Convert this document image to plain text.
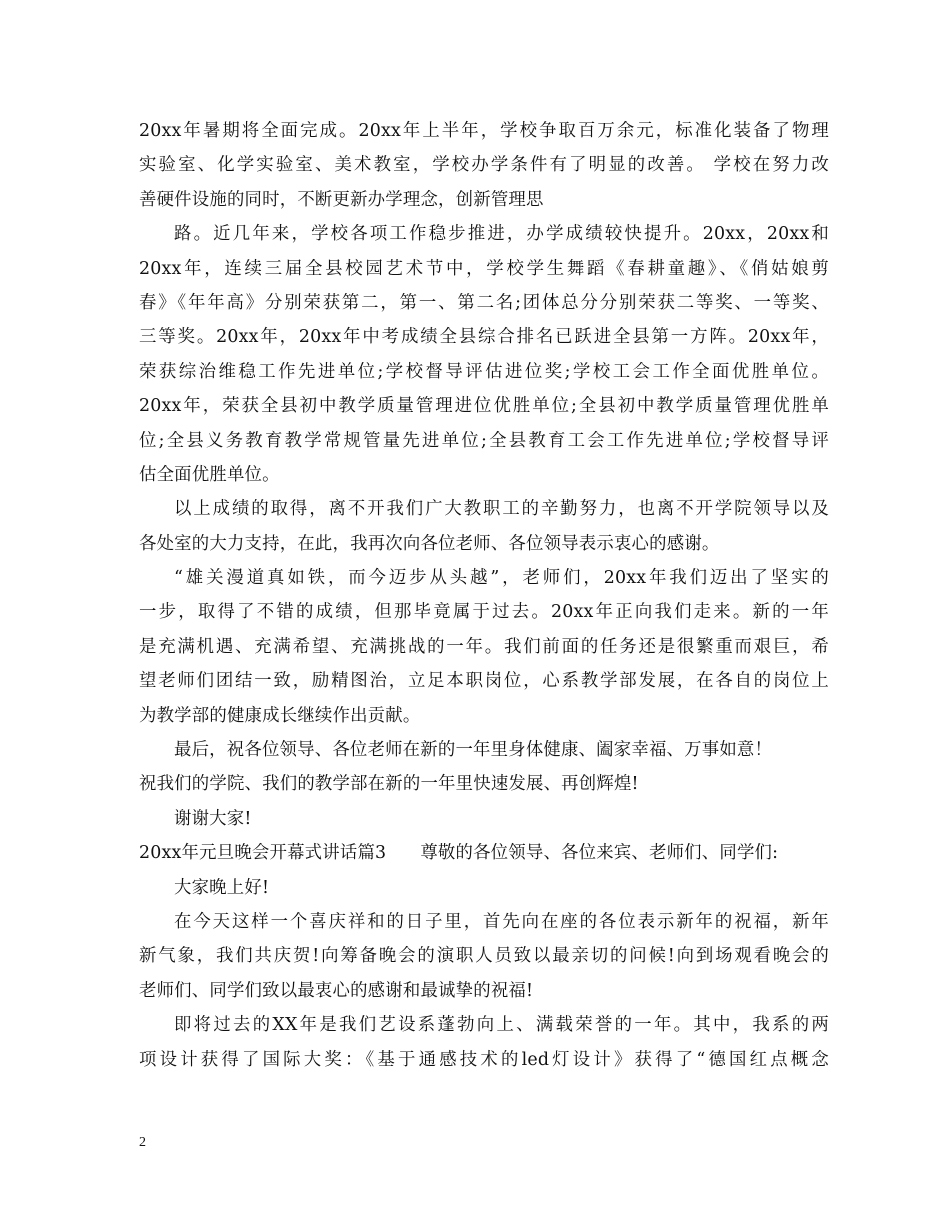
20xx年暑期将全面完成。20xx年上半年，学校争取百万余元，标准化装备了物理
实验室、化学实验室、美术教室，学校办学条件有了明显的改善。 学校在努力改
善硬件设施的同时，不断更新办学理念，创新管理思
路。近几年来，学校各项工作稳步推进，办学成绩较快提升。20xx，20xx和
20xx年，连续三届全县校园艺术节中，学校学生舞蹈《春耕童趣》、《俏姑娘剪
春》《年年高》分别荣获第二，第一、第二名;团体总分分别荣获二等奖、一等奖、
三等奖。20xx年，20xx年中考成绩全县综合排名已跃进全县第一方阵。20xx年，
荣获综治维稳工作先进单位;学校督导评估进位奖;学校工会工作全面优胜单位。
20xx年，荣获全县初中教学质量管理进位优胜单位;全县初中教学质量管理优胜单
位;全县义务教育教学常规管量先进单位;全县教育工会工作先进单位;学校督导评
估全面优胜单位。
以上成绩的取得，离不开我们广大教职工的辛勤努力，也离不开学院领导以及
各处室的大力支持，在此，我再次向各位老师、各位领导表示衷心的感谢。
“雄关漫道真如铁，而今迈步从头越”，老师们，20xx年我们迈出了坚实的
一步，取得了不错的成绩，但那毕竟属于过去。20xx年正向我们走来。新的一年
是充满机遇、充满希望、充满挑战的一年。我们前面的任务还是很繁重而艰巨，希
望老师们团结一致，励精图治，立足本职岗位，心系教学部发展，在各自的岗位上
为教学部的健康成长继续作出贡献。
最后，祝各位领导、各位老师在新的一年里身体健康、阖家幸福、万事如意！
祝我们的学院、我们的教学部在新的一年里快速发展、再创辉煌!
谢谢大家!
20xx年元旦晚会开幕式讲话篇3 尊敬的各位领导、各位来宾、老师们、同学们:
大家晚上好!
在今天这样一个喜庆祥和的日子里，首先向在座的各位表示新年的祝福，新年
新气象，我们共庆贺!向筹备晚会的演职人员致以最亲切的问候!向到场观看晚会的
老师们、同学们致以最衷心的感谢和最诚挚的祝福!
即将过去的XX年是我们艺设系蓬勃向上、满载荣誉的一年。其中，我系的两
项设计获得了国际大奖：《基于通感技术的led灯设计》获得了“德国红点概念
2
